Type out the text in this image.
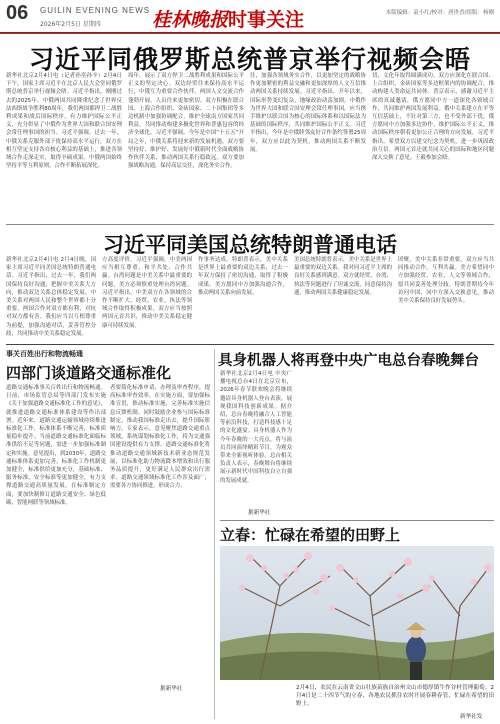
06 GUILIN EVENING NEWS
2026年2月5日 星期四	桂林晚报 时事关注	本版编辑：袁小红/校对：唐贵香/组版：杨刚
习近平同俄罗斯总统普京举行视频会晤
新华社北京2月4日电（记者孙奕孙辛）2月4日下午，国家主席习近平在北京人民大会堂同俄罗斯总统普京举行视频会晤。习近平指出，刚刚过去的2025年，中俄两国共同隆重纪念了世界反法西斯战争胜利80周年，我们两国都捍卫二战胜利成果和战后国际秩序，有力维护国际公平正义，充分彰显了中俄作为世界大国和联合国安理会常任理事国的担当。习近平强调，过去一年，中俄关系克服外部干扰保持高水平运行，双方在相互坚定支持各自核心利益的基础上，推进各领域合作走深走实，取得丰硕成果。中俄两国始终坚持平等互利原则，合作不断拓展深化。
周年，展示了双方捍卫二战胜利成果和国际公平正义的坚定决心。双边经贸往来保持高水平运行，中俄互为重要合作伙伴。两国人文交流合作蓬勃开展，人员往来更加密切。双方积极在联合国、上海合作组织、金砖国家、二十国集团等多边机制中加强协调配合，维护全球南方国家共同利益，共同推动构建多极化世界和普惠包容的经济全球化。习近平强调，今年是中国“十五五”开局之年，中俄关系将迎来新的发展机遇。双方要坚持好、维护好、发展好中俄新时代全面战略协作伙伴关系，推动两国关系行稳致远。双方要加强战略沟通，保持高层交往，深化务实合作。
往，加强各领域务实合作，以更加坚定的战略协作更加紧密的利益交融和更加深厚的人文互信推动两国关系持续发展。习近平指出，开年以来，国际形势变幻复杂，地缘政治动荡加剧。中俄作为世界大国和联合国安理会常任理事国，应当携手维护以联合国为核心的国际体系和以国际法为基础的国际秩序，共同维护国际公平正义。习近平指出，今年是中俄睦邻友好合作条约签署25周年，双方应以此为契机，推动两国关系不断发展。
切，文化年取得圆满成功。双方应深化在联合国、上合组织、金砖国家等多边框架内的协调配合，推动构建人类命运共同体。普京表示，感谢习近平主席的真诚邀请，俄方愿同中方一道深化各领域合作，共同维护两国发展利益。俄中关系建立在平等互信基础上，不针对第三方，也不受外部干扰。俄方愿同中方加强多边协作，维护国际公平正义，推动国际秩序朝着更加公正合理的方向发展。习近平指出，希望双方以建交纪念为契机，进一步巩固政治互信。两国元首还就共同关心的国际和地区问题深入交换了意见。王毅参加会晤。
习近平同美国总统特朗普通电话
新华社北京2月4日电 2月4日晚，国家主席习近平同美国总统特朗普通电话。习近平指出，过去一年，我们两国保持良好沟通，把握中美关系大方向，推动双边关系总体稳定发展。中美关系对两国人民和整个世界都十分重要。两国合作对双方都有利，对抗对双方都有害。我们应当以互相尊重为前提，加强沟通对话，妥善管控分歧，共同推动中美关系稳定发展。
方高度评价。习近平强调，中美两国应当相互尊重、和平共处、合作共赢。台湾问题是中美关系中最重要的问题，美方必须慎重处理台湾问题。习近平指出，中美双方在各领域的合作不断扩大，经贸、农业、执法等领域合作取得积极成果。双方应当按照两国元首共识，推动中美关系稳定健康可持续发展。
作事务达成。特朗普表示，美中关系是世界上最重要的双边关系，过去一年双方保持了密切沟通，取得了积极成果。美方愿同中方加强沟通合作，推动两国关系向前发展。
美国总统特朗普表示，美中关系是世界上最重要的双边关系。我对同习近平主席的良好关系感到满意。双方就经贸、台湾、执法等问题进行了坦诚交流，同意保持沟通，推动两国关系健康稳定发展。
团聚，美中关系非常重要，双方应当共同推动合作，互利共赢。美方希望同中方加强经贸、农业、人文等领域合作，愿共同妥善处理分歧。特朗普期待今年访问中国，同中方深入交换意见，推动美中关系保持良好发展势头。
事关百姓出行和物流畅通
四部门谈道路交通标准化
道路交通标准事关百姓出行和物流畅通。日前，市场监管总局等四部门发布实施《关于加强道路交通标准化工作的意见》，就推进道路交通标准体系建设等作出部署。近年来，道路交通运输领域持续推进标准化工作，标准体系不断完善，标准质量稳步提升。当前道路交通标准化面临标准供给不足等问题，需进一步加强标准制定和实施。意见提出，到2030年，道路交通标准体系更加完善，标准化工作机制更加健全，标准供给更加充分，基础标准、服务标准、安全标准等更加健全，有力支撑道路交通高质量发展。在标准制定方面，要加快制修订道路交通安全、绿色低碳、智能网联等领域标准。
者要简化标准申请、办理及审查程序，提高标准审查效率。在实施方面，要加强标准宣贯，推动标准实施，完善标准实施信息反馈机制。同时鼓励企业参与国际标准制定，推动我国标准走出去，提升国际影响力。专家表示，意见聚焦道路交通重点领域，系统谋划标准化工作，将为交通强国建设提供有力支撑。道路交通标准化将推动道路交通领域新技术新业态规范发展，以标准化助力物流降本增效和出行服务品质提升，更好满足人民群众出行需求。道路交通领域标准化工作涉及面广，需要各方协同推进，形成合力。
据新华社
具身机器人将再登中央广电总台春晚舞台
新华社北京2月4日电 中央广播电视总台4日在北京宣布，2026年春节联欢晚会将继续邀请具身机器人登台表演，展现我国科技创新成果。据介绍，总台春晚将融合人工智能等前沿科技，打造科技感十足的文化盛宴。具身机器人作为今年春晚的一大亮点，将与演员共同演绎精彩节目，为观众带来全新视听体验。总台相关负责人表示，春晚舞台将继续展示新时代中国科技自立自强的发展成就。
据新华社
立春：忙碌在希望的田野上
2月4日，农民在云南省文山壮族苗族自治州文山市德厚镇牛作谷村管理葡萄。2月4日是二十四节气的立春，各地农民抓住农时开展春耕春管，忙碌在希望的田野上。
新华社发
